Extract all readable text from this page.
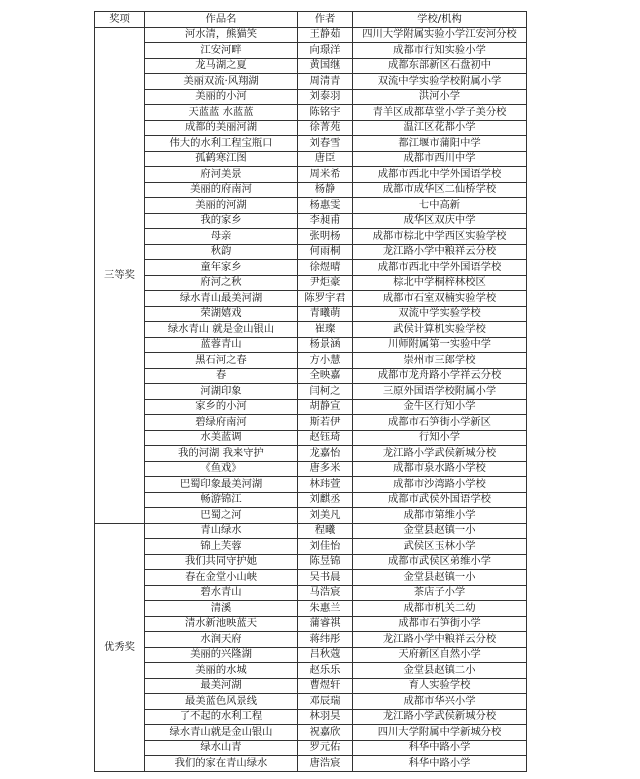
奖项	作品名	作者	学校/机构
三等奖	河水清，熊猫笑	王静茹	四川大学附属实验小学江安河分校
	江安河畔	向璟洋	成都市行知实验小学
	龙马湖之夏	黄国继	成都东部新区石盘初中
	美丽双流·风翔湖	周清青	双流中学实验学校附属小学
	美丽的小河	刘泰羽	洪河小学
	天蓝蓝 水蓝蓝	陈铭宇	青羊区成都草堂小学子美分校
	成都的美丽河湖	徐菁苑	温江区花都小学
	伟大的水利工程宝瓶口	刘春雪	都江堰市蒲阳中学
	孤鹤寒江图	唐臣	成都市西川中学
	府河美景	周米希	成都市西北中学外国语学校
	美丽的府南河	杨静	成都市成华区二仙桥学校
	美丽的河湖	杨惠雯	七中高新
	我的家乡	李昶甫	成华区双庆中学
	母亲	张明杨	成都市棕北中学西区实验学校
	秋韵	何雨桐	龙江路小学中粮祥云分校
	童年家乡	徐煜晴	成都市西北中学外国语学校
	府河之秋	尹炬豪	棕北中学桐梓林校区
	绿水青山最美河湖	陈罗宇君	成都市石室双楠实验学校
	荣湖嬉戏	青曦萌	双流中学实验学校
	绿水青山 就是金山银山	崔璨	武侯计算机实验学校
	蓝蓉青山	杨景涵	川师附属第一实验中学
	黑石河之春	方小慧	崇州市三郎学校
	春	全映嘉	成都市龙舟路小学祥云分校
	河湖印象	闫柯之	三原外国语学校附属小学
	家乡的小河	胡静宣	金牛区行知小学
	碧绿府南河	斯若伊	成都市石笋街小学新区
	水美蓝调	赵钰琦	行知小学
	我的河湖 我来守护	龙嘉怡	龙江路小学武侯新城分校
	《鱼戏》	唐多米	成都市泉水路小学校
	巴蜀印象最美河湖	林玮萱	成都市沙湾路小学校
	畅游锦江	刘麒丞	成都市武侯外国语学校
	巴蜀之河	刘美凡	成都市第维小学
优秀奖	青山绿水	程曦	金堂县赵镇一小
	锦上芙蓉	刘佳怡	武侯区玉林小学
	我们共同守护她	陈昱锦	成都市武侯区弟维小学
	春在金堂小山峡	吴书晨	金堂县赵镇一小
	碧水青山	马浩宸	茶店子小学
	清溪	朱惠兰	成都市机关二幼
	清水新池映蓝天	蒲睿祺	成都市石笋街小学
	水润天府	蒋纬彤	龙江路小学中粮祥云分校
	美丽的兴隆湖	吕秋蔻	天府新区自然小学
	美丽的水城	赵乐乐	金堂县赵镇二小
	最美河湖	曹煜轩	育人实验学校
	最美蓝色风景线	邓辰瑞	成都市华兴小学
	了不起的水利工程	林羽昊	龙江路小学武侯新城分校
	绿水青山就是金山银山	祝嘉欣	四川大学附属中学新城分校
	绿水山青	罗元佑	科华中路小学
	我们的家在青山绿水	唐浩宸	科华中路小学
